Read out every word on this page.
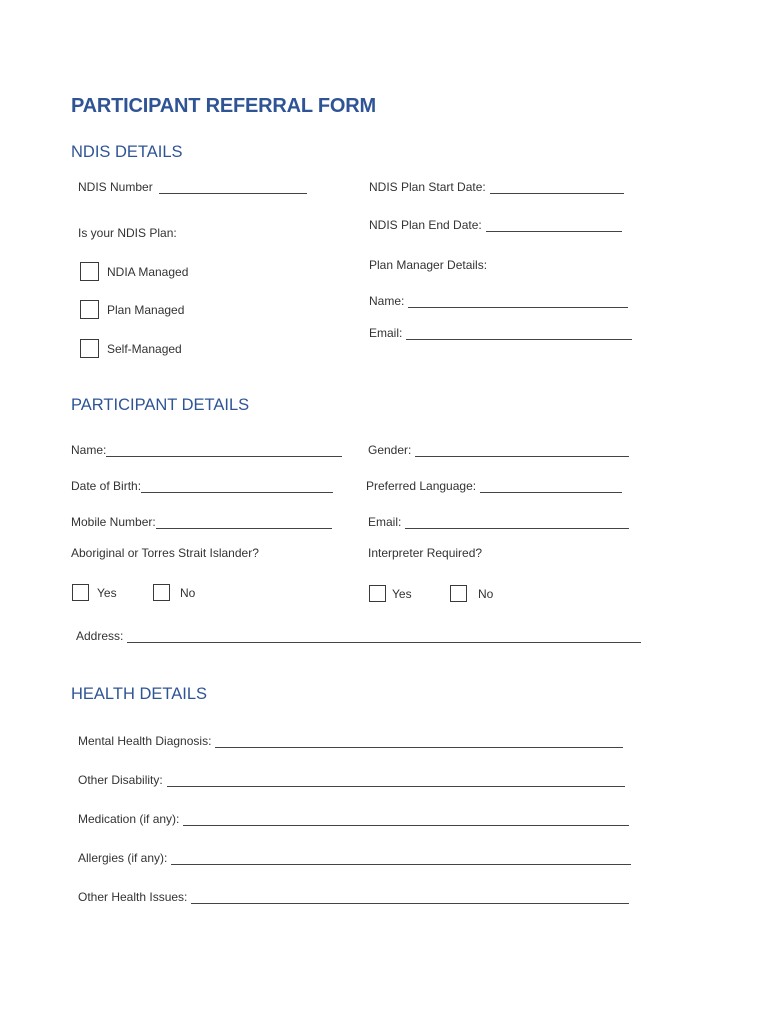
PARTICIPANT REFERRAL FORM
NDIS DETAILS
NDIS Number	NDIS Plan Start Date:
NDIS Plan End Date:
Is your NDIS Plan:
Plan Manager Details:
NDIA Managed
Name:
Plan Managed
Email:
Self-Managed
PARTICIPANT DETAILS
Name:	Gender:
Date of Birth:	Preferred Language:
Mobile Number:	Email:
Aboriginal or Torres Strait Islander?	Interpreter Required?
Yes	No	Yes	No
Address:
HEALTH DETAILS
Mental Health Diagnosis:
Other Disability:
Medication (if any):
Allergies (if any):
Other Health Issues:
